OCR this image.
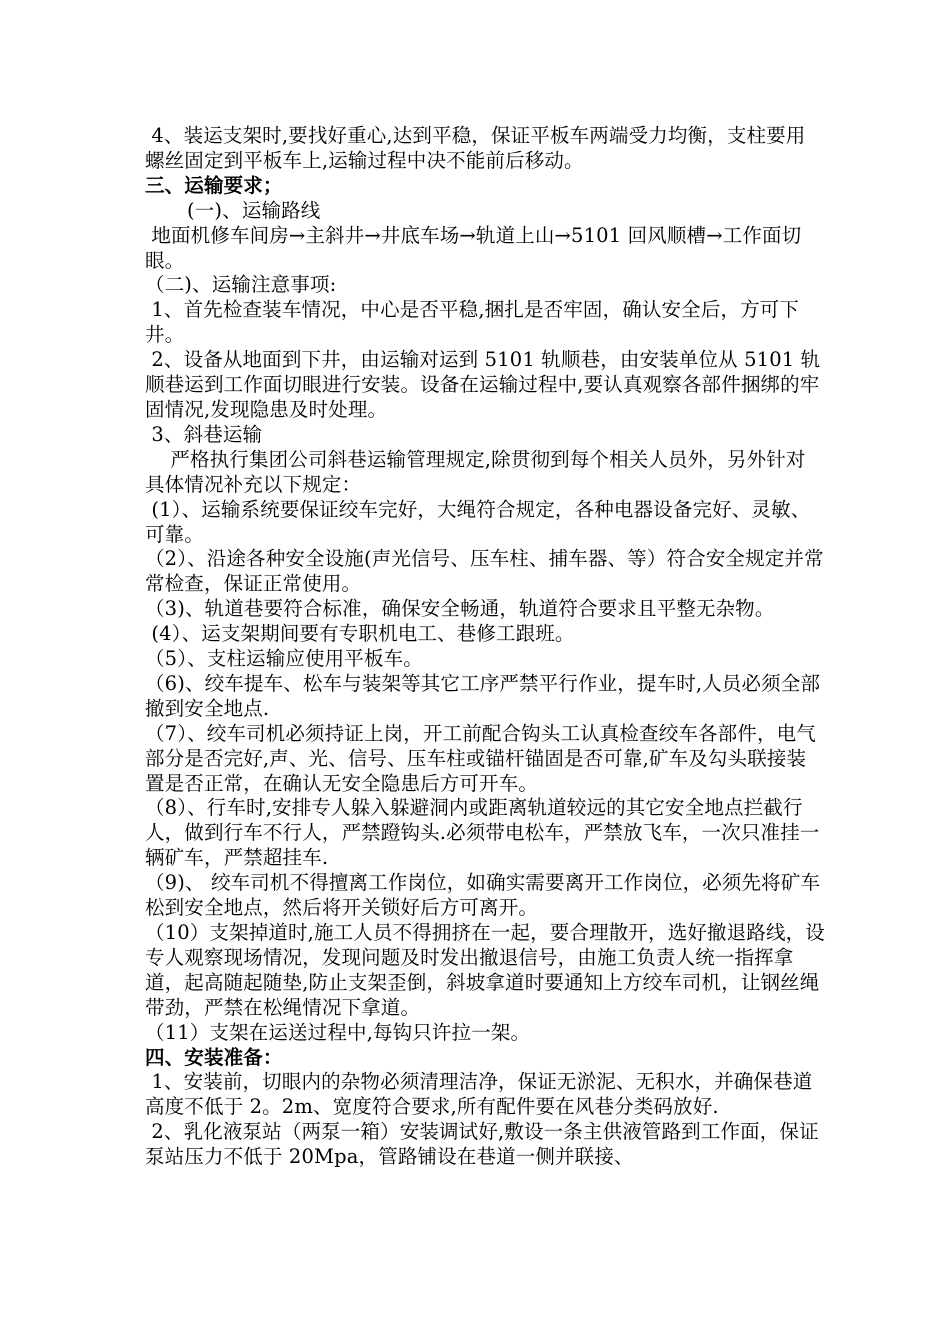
4、装运支架时,要找好重心,达到平稳，保证平板车两端受力均衡，支柱要用螺丝固定到平板车上,运输过程中决不能前后移动。

三、运输要求；

(一)、运输路线

地面机修车间房→主斜井→井底车场→轨道上山→5101 回风顺槽→工作面切眼。

（二)、运输注意事项:

1、首先检查装车情况，中心是否平稳,捆扎是否牢固，确认安全后，方可下井。

2、设备从地面到下井，由运输对运到 5101 轨顺巷，由安装单位从 5101 轨顺巷运到工作面切眼进行安装。设备在运输过程中,要认真观察各部件捆绑的牢固情况,发现隐患及时处理。

3、斜巷运输

严格执行集团公司斜巷运输管理规定,除贯彻到每个相关人员外，另外针对具体情况补充以下规定：

(1）、运输系统要保证绞车完好，大绳符合规定，各种电器设备完好、灵敏、可靠。

（2）、沿途各种安全设施(声光信号、压车柱、捕车器、等）符合安全规定并常常检查，保证正常使用。

（3)、轨道巷要符合标准，确保安全畅通，轨道符合要求且平整无杂物。

(4）、运支架期间要有专职机电工、巷修工跟班。

（5）、支柱运输应使用平板车。

（6)、绞车提车、松车与装架等其它工序严禁平行作业，提车时,人员必须全部撤到安全地点.

（7）、绞车司机必须持证上岗，开工前配合钩头工认真检查绞车各部件，电气部分是否完好,声、光、信号、压车柱或锚杆锚固是否可靠,矿车及勾头联接装置是否正常，在确认无安全隐患后方可开车。

（8）、行车时,安排专人躲入躲避洞内或距离轨道较远的其它安全地点拦截行人，做到行车不行人，严禁蹬钩头.必须带电松车，严禁放飞车，一次只准挂一辆矿车，严禁超挂车.

（9)、 绞车司机不得擅离工作岗位，如确实需要离开工作岗位，必须先将矿车松到安全地点，然后将开关锁好后方可离开。

（10）支架掉道时,施工人员不得拥挤在一起，要合理散开，选好撤退路线，设专人观察现场情况，发现问题及时发出撤退信号，由施工负责人统一指挥拿道，起高随起随垫,防止支架歪倒，斜坡拿道时要通知上方绞车司机，让钢丝绳带劲，严禁在松绳情况下拿道。

（11）支架在运送过程中,每钩只许拉一架。

四、安装准备：

1、安装前，切眼内的杂物必须清理洁净，保证无淤泥、无积水，并确保巷道高度不低于 2。2m、宽度符合要求,所有配件要在风巷分类码放好.

2、乳化液泵站（两泵一箱）安装调试好,敷设一条主供液管路到工作面，保证泵站压力不低于 20Mpa，管路铺设在巷道一侧并联接、
